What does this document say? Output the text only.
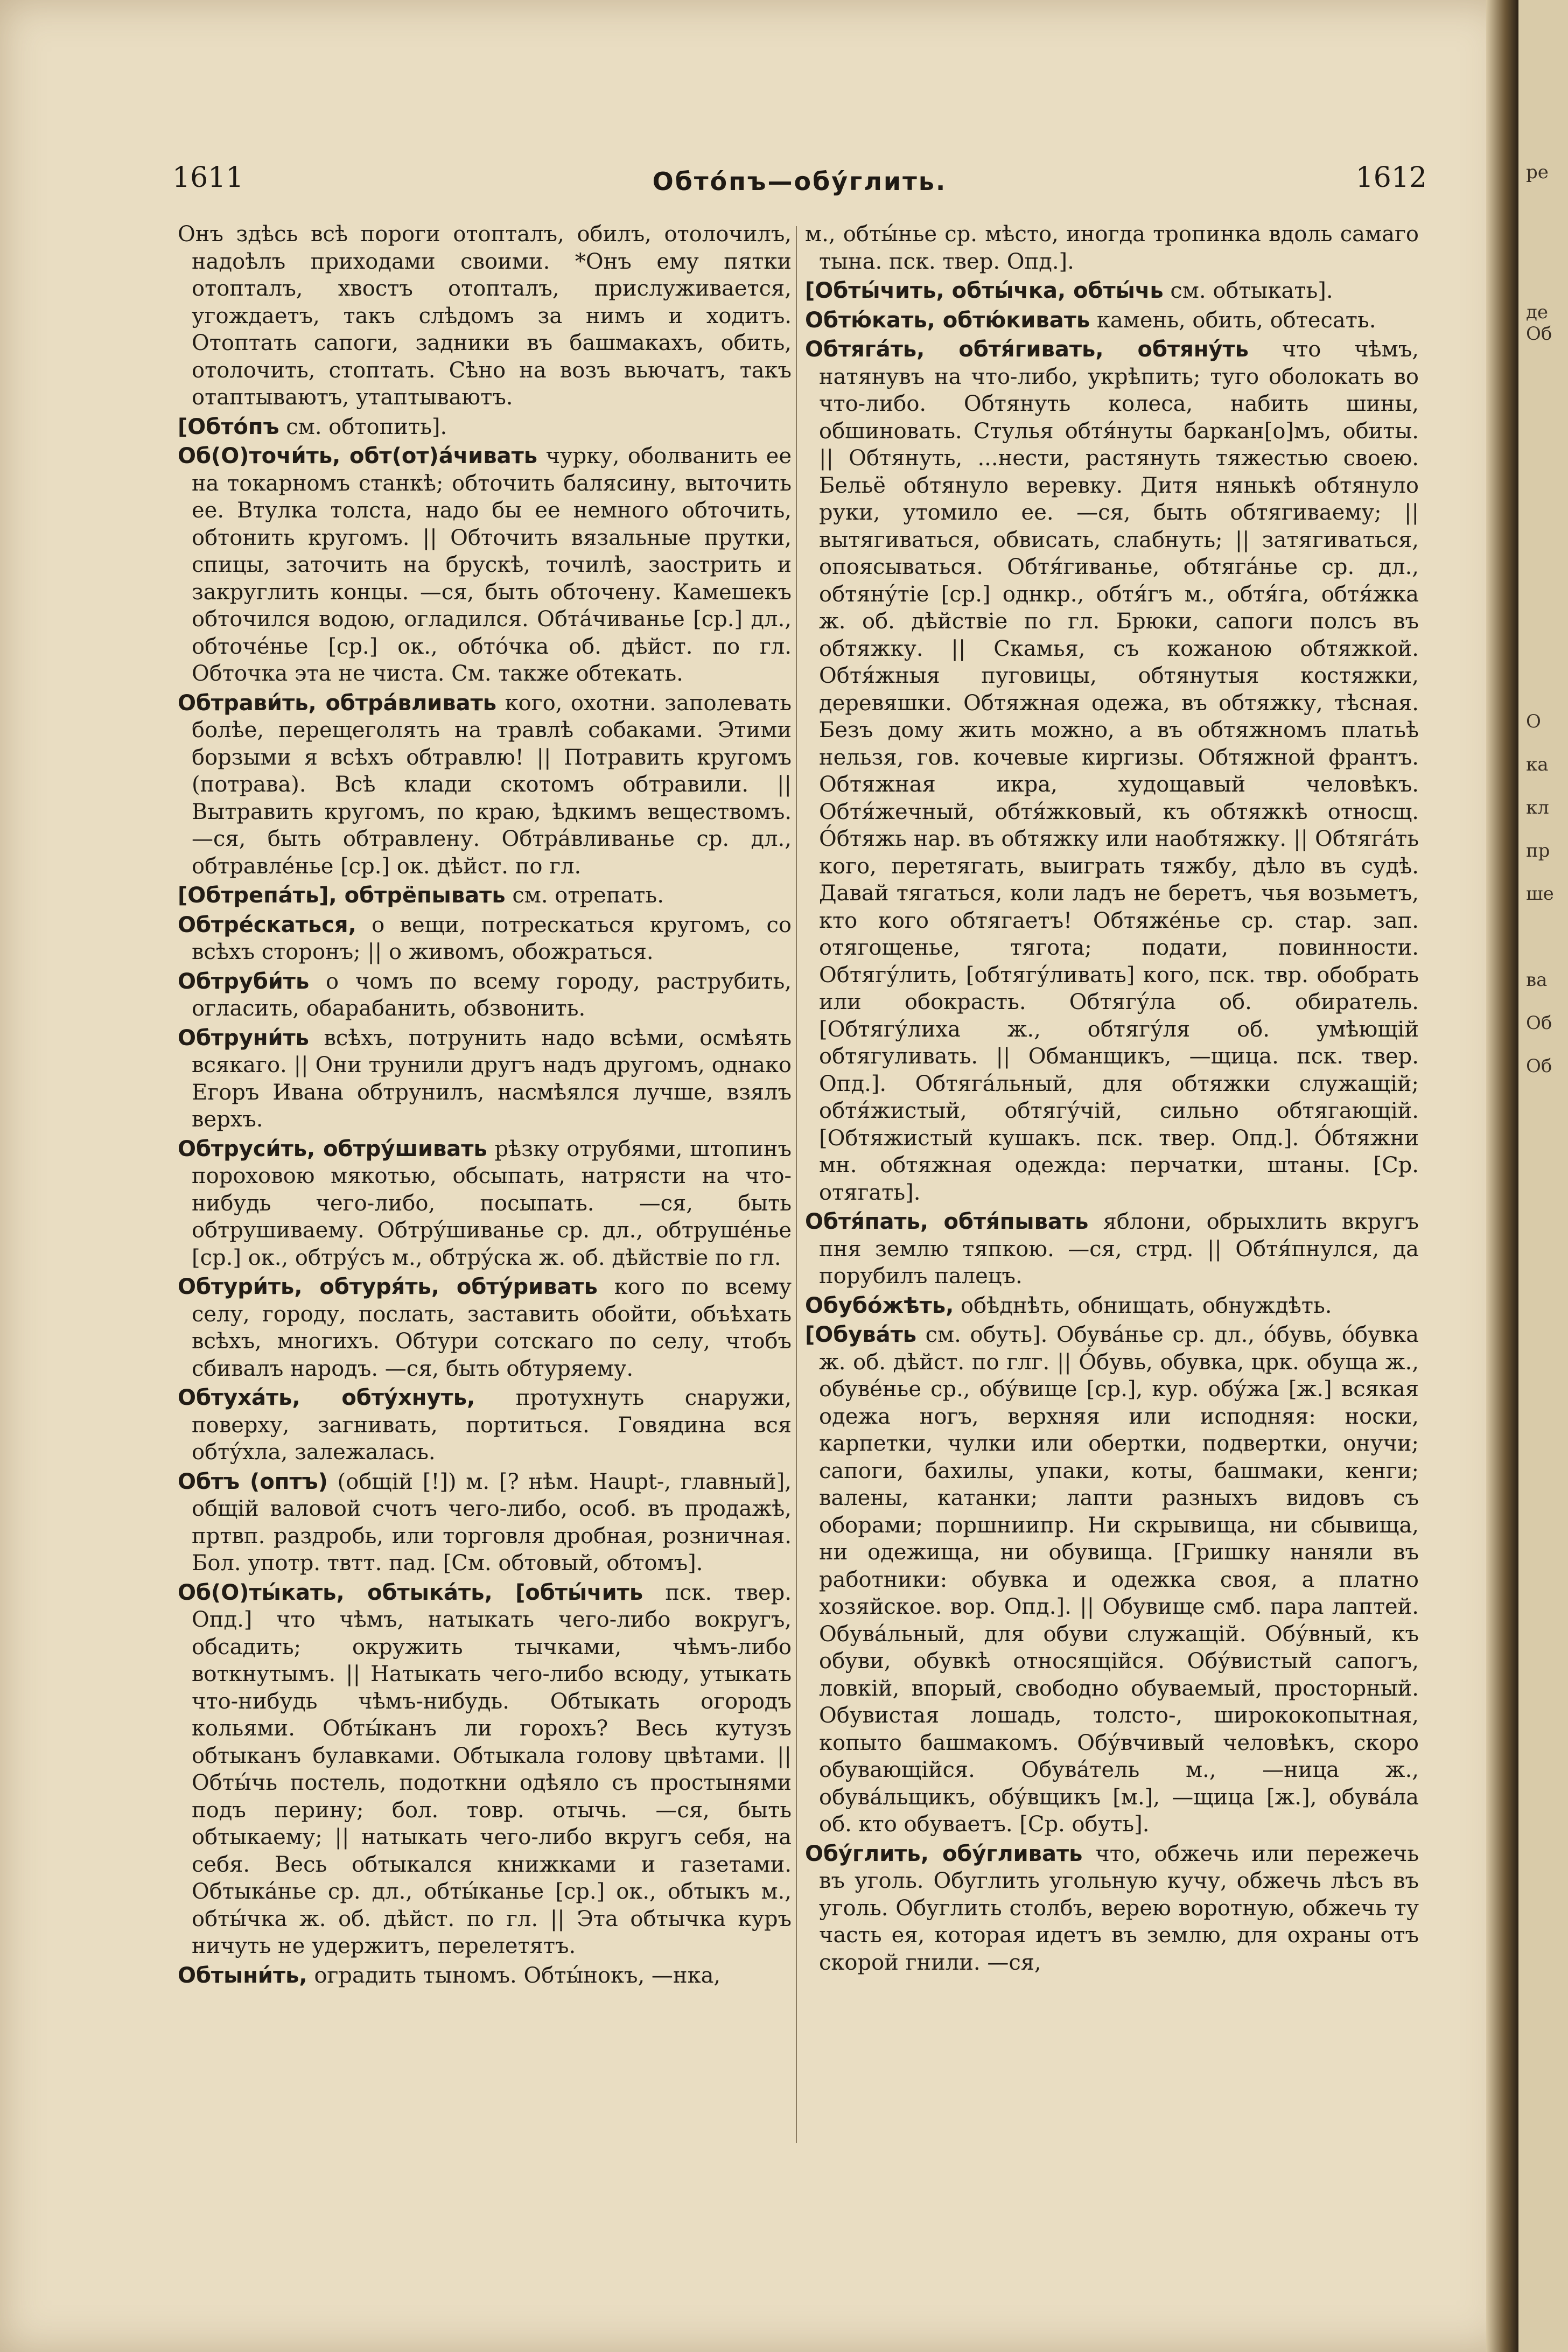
1611	Обто́пъ—обу́глить.	1612

Онъ здѣсь всѣ пороги отопталъ, обилъ, отолочилъ, надоѣлъ приходами своими. *Онъ ему пятки отопталъ, хвостъ отопталъ, прислуживается, угождаетъ, такъ слѣдомъ за нимъ и ходитъ. Отоптать сапоги, задники въ башмакахъ, обить, отолочить, стоптать. Сѣно на возъ вьючатъ, такъ отаптываютъ, утаптываютъ.

[Обто́пъ см. обтопить].

Об(О)точи́ть, обт(от)а́чивать чурку, оболванить ее на токарномъ станкѣ; обточить балясину, выточить ее. Втулка толста, надо бы ее немного обточить, обтонить кругомъ. || Обточить вязальные прутки, спицы, заточить на брускѣ, точилѣ, заострить и закруглить концы. —ся, быть обточену. Камешекъ обточился водою, огладился. Обта́чиванье [ср.] дл., обточе́нье [ср.] ок., обто́чка об. дѣйст. по гл. Обточка эта не чиста. См. также обтекать.

Обтрави́ть, обтра́вливать кого, охотни. заполевать болѣе, перещеголять на травлѣ собаками. Этими борзыми я всѣхъ обтравлю! || Потравить кругомъ (потрава). Всѣ клади скотомъ обтравили. || Вытравить кругомъ, по краю, ѣдкимъ веществомъ. —ся, быть обтравлену. Обтра́вливанье ср. дл., обтравле́нье [ср.] ок. дѣйст. по гл.

[Обтрепа́ть], обтрёпывать см. отрепать.

Обтре́скаться, о вещи, потрескаться кругомъ, со всѣхъ сторонъ; || о живомъ, обожраться.

Обтруби́ть о чомъ по всему городу, раструбить, огласить, обарабанить, обзвонить.

Обтруни́ть всѣхъ, потрунить надо всѣми, осмѣять всякаго. || Они трунили другъ надъ другомъ, однако Егоръ Ивана обтрунилъ, насмѣялся лучше, взялъ верхъ.

Обтруси́ть, обтру́шивать рѣзку отрубями, штопинъ пороховою мякотью, обсыпать, натрясти на что-нибудь чего-либо, посыпать. —ся, быть обтрушиваему. Обтру́шиванье ср. дл., обтруше́нье [ср.] ок., обтру́съ м., обтру́ска ж. об. дѣйствіе по гл.

Обтури́ть, обтуря́ть, обту́ривать кого по всему селу, городу, послать, заставить обойти, объѣхать всѣхъ, многихъ. Обтури сотскаго по селу, чтобъ сбивалъ народъ. —ся, быть обтуряему.

Обтуха́ть, обту́хнуть, протухнуть снаружи, поверху, загнивать, портиться. Говядина вся обту́хла, залежалась.

Обтъ (оптъ) (общій [!]) м. [? нѣм. Haupt-, главный], общій валовой счотъ чего-либо, особ. въ продажѣ, пртвп. раздробь, или торговля дробная, розничная. Бол. употр. твтт. пад. [См. обтовый, обтомъ].

Об(О)ты́кать, обтыка́ть, [обты́чить пск. твер. Опд.] что чѣмъ, натыкать чего-либо вокругъ, обсадить; окружить тычками, чѣмъ-либо воткнутымъ. || Натыкать чего-либо всюду, утыкать что-нибудь чѣмъ-нибудь. Обтыкать огородъ кольями. Обты́канъ ли горохъ? Весь кутузъ обтыканъ булавками. Обтыкала голову цвѣтами. || Обты́чь постель, подоткни одѣяло съ простынями подъ перину; бол. товр. отычь. —ся, быть обтыкаему; || натыкать чего-либо вкругъ себя, на себя. Весь обтыкался книжками и газетами. Обтыка́нье ср. дл., обты́канье [ср.] ок., обтыкъ м., обты́чка ж. об. дѣйст. по гл. || Эта обтычка куръ ничуть не удержитъ, перелетятъ.

Обтыни́ть, оградить тыномъ. Обты́нокъ, —нка,

м., обты́нье ср. мѣсто, иногда тропинка вдоль самаго тына. пск. твер. Опд.].

[Обты́чить, обты́чка, обты́чь см. обтыкать].

Обтю́кать, обтю́кивать камень, обить, обтесать.

Обтяга́ть, обтя́гивать, обтяну́ть что чѣмъ, натянувъ на что-либо, укрѣпить; туго оболокать во что-либо. Обтянуть колеса, набить шины, обшиновать. Стулья обтя́нуты баркан[о]мъ, обиты. || Обтянуть, ...нести, растянуть тяжестью своею. Бельё обтянуло веревку. Дитя нянькѣ обтянуло руки, утомило ее. —ся, быть обтягиваему; || вытягиваться, обвисать, слабнуть; || затягиваться, опоясываться. Обтя́гиванье, обтяга́нье ср. дл., обтяну́тіе [ср.] однкр., обтя́гъ м., обтя́га, обтя́жка ж. об. дѣйствіе по гл. Брюки, сапоги полсъ въ обтяжку. || Скамья, съ кожаною обтяжкой. Обтя́жныя пуговицы, обтянутыя костяжки, деревяшки. Обтяжная одежа, въ обтяжку, тѣсная. Безъ дому жить можно, а въ обтяжномъ платьѣ нельзя, гов. кочевые киргизы. Обтяжной франтъ. Обтяжная икра, худощавый человѣкъ. Обтя́жечный, обтя́жковый, къ обтяжкѣ относщ. О́бтяжь нар. въ обтяжку или наобтяжку. || Обтяга́ть кого, перетягать, выиграть тяжбу, дѣло въ судѣ. Давай тягаться, коли ладъ не беретъ, чья возьметъ, кто кого обтягаетъ! Обтяже́нье ср. стар. зап. отягощенье, тягота; подати, повинности. Обтягу́лить, [обтягу́ливать] кого, пск. твр. обобрать или обокрасть. Обтягу́ла об. обиратель. [Обтягу́лиха ж., обтягу́ля об. умѣющій обтягуливать. || Обманщикъ, —щица. пск. твер. Опд.]. Обтяга́льный, для обтяжки служащій; обтя́жистый, обтягу́чій, сильно обтягающій. [Обтяжистый кушакъ. пск. твер. Опд.]. О́бтяжни мн. обтяжная одежда: перчатки, штаны. [Ср. отягать].

Обтя́пать, обтя́пывать яблони, обрыхлить вкругъ пня землю тяпкою. —ся, стрд. || Обтя́пнулся, да порубилъ палецъ.

Обубо́жѣть, обѣднѣть, обнищать, обнуждѣть.

[Обува́ть см. обуть]. Обува́нье ср. дл., о́бувь, о́бувка ж. об. дѣйст. по глг. || О́бувь, обувка, црк. обуща ж., обуве́нье ср., обу́вище [ср.], кур. обу́жа [ж.] всякая одежа ногъ, верхняя или исподняя: носки, карпетки, чулки или обертки, подвертки, онучи; сапоги, бахилы, упаки, коты, башмаки, кенги; валены, катанки; лапти разныхъ видовъ съ оборами; поршниипр. Ни скрывища, ни сбывища, ни одежища, ни обувища. [Гришку наняли въ работники: обувка и одежка своя, а платно хозяйское. вор. Опд.]. || Обувище смб. пара лаптей. Обува́льный, для обуви служащій. Обу́вный, къ обуви, обувкѣ относящійся. Обу́вистый сапогъ, ловкій, впорый, свободно обуваемый, просторный. Обувистая лошадь, толсто-, ширококопытная, копыто башмакомъ. Обу́вчивый человѣкъ, скоро обувающійся. Обува́тель м., —ница ж., обува́льщикъ, обу́вщикъ [м.], —щица [ж.], обува́ла об. кто обуваетъ. [Ср. обуть].

Обу́глить, обу́гливать что, обжечь или пережечь въ уголь. Обуглить угольную кучу, обжечь лѣсъ въ уголь. Обуглить столбъ, верею воротную, обжечь ту часть ея, которая идетъ въ землю, для охраны отъ скорой гнили. —ся,

ре
де
Об
О
ка
кл
пр
ше
ва
Об
Об
